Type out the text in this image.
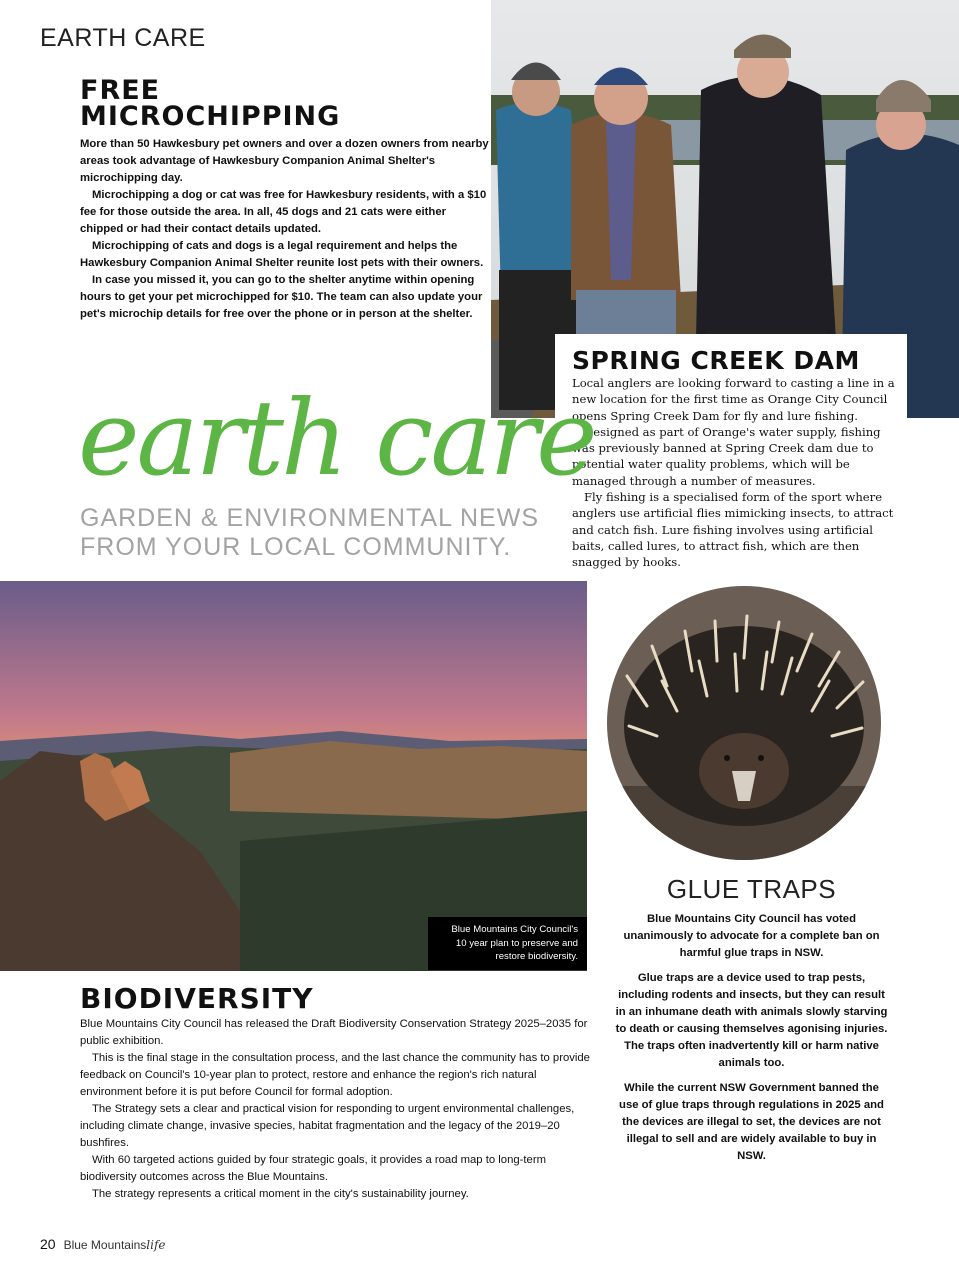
EARTH CARE
FREE
MICROCHIPPING

More than 50 Hawkesbury pet owners and over a dozen owners from nearby areas took advantage of Hawkesbury Companion Animal Shelter's microchipping day.

Microchipping a dog or cat was free for Hawkesbury residents, with a $10 fee for those outside the area. In all, 45 dogs and 21 cats were either chipped or had their contact details updated.

Microchipping of cats and dogs is a legal requirement and helps the Hawkesbury Companion Animal Shelter reunite lost pets with their owners.

In case you missed it, you can go to the shelter anytime within opening hours to get your pet microchipped for $10. The team can also update your pet's microchip details for free over the phone or in person at the shelter.

SPRING CREEK DAM

Local anglers are looking forward to casting a line in a new location for the first time as Orange City Council opens Spring Creek Dam for fly and lure fishing.

Designed as part of Orange's water supply, fishing was previously banned at Spring Creek dam due to potential water quality problems, which will be managed through a number of measures.

Fly fishing is a specialised form of the sport where anglers use artificial flies mimicking insects, to attract and catch fish. Lure fishing involves using artificial baits, called lures, to attract fish, which are then snagged by hooks.

earth care
GARDEN & ENVIRONMENTAL NEWS
FROM YOUR LOCAL COMMUNITY.
Blue Mountains City Council's
10 year plan to preserve and
restore biodiversity.
GLUE TRAPS

Blue Mountains City Council has voted unanimously to advocate for a complete ban on harmful glue traps in NSW.

Glue traps are a device used to trap pests, including rodents and insects, but they can result in an inhumane death with animals slowly starving to death or causing themselves agonising injuries. The traps often inadvertently kill or harm native animals too.

While the current NSW Government banned the use of glue traps through regulations in 2025 and the devices are illegal to set, the devices are not illegal to sell and are widely available to buy in NSW.

BIODIVERSITY

Blue Mountains City Council has released the Draft Biodiversity Conservation Strategy 2025–2035 for public exhibition.

This is the final stage in the consultation process, and the last chance the community has to provide feedback on Council's 10-year plan to protect, restore and enhance the region's rich natural environment before it is put before Council for formal adoption.

The Strategy sets a clear and practical vision for responding to urgent environmental challenges, including climate change, invasive species, habitat fragmentation and the legacy of the 2019–20 bushfires.

With 60 targeted actions guided by four strategic goals, it provides a road map to long-term biodiversity outcomes across the Blue Mountains.

The strategy represents a critical moment in the city's sustainability journey.

20 Blue Mountainslife
